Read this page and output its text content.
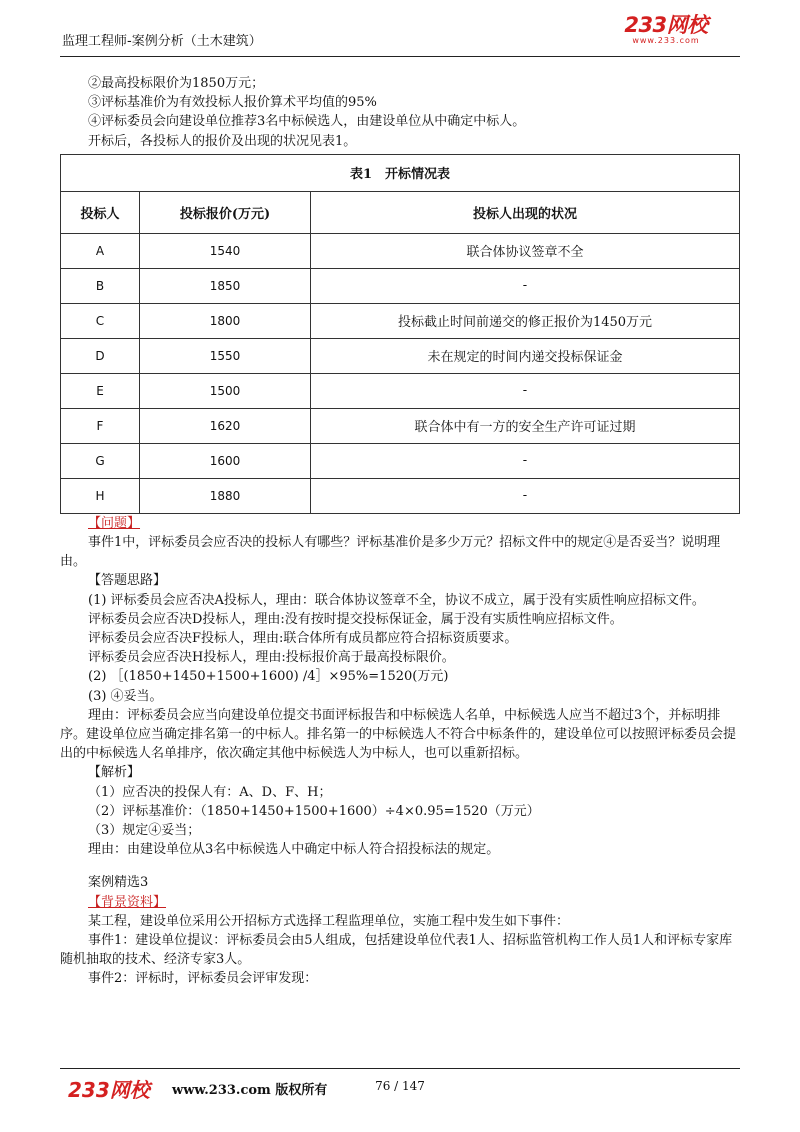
监理工程师-案例分析（土木建筑）
233网校
www.233.com

②最高投标限价为1850万元；

③评标基准价为有效投标人报价算术平均值的95%

④评标委员会向建设单位推荐3名中标候选人，由建设单位从中确定中标人。

开标后，各投标人的报价及出现的状况见表1。

表1　开标情况表		
投标人	投标报价(万元)	投标人出现的状况
A	1540	联合体协议签章不全
B	1850	-
C	1800	投标截止时间前递交的修正报价为1450万元
D	1550	未在规定的时间内递交投标保证金
E	1500	-
F	1620	联合体中有一方的安全生产许可证过期
G	1600	-
H	1880	-

【问题】

事件1中，评标委员会应否决的投标人有哪些？评标基准价是多少万元？招标文件中的规定④是否妥当？说明理由。

【答题思路】

(1) 评标委员会应否决A投标人，理由：联合体协议签章不全，协议不成立，属于没有实质性响应招标文件。

评标委员会应否决D投标人，理由:没有按时提交投标保证金，属于没有实质性响应招标文件。

评标委员会应否决F投标人，理由:联合体所有成员都应符合招标资质要求。

评标委员会应否决H投标人，理由:投标报价高于最高投标限价。

(2) ［(1850+1450+1500+1600) /4］×95%=1520(万元)

(3) ④妥当。

理由：评标委员会应当向建设单位提交书面评标报告和中标候选人名单，中标候选人应当不超过3个，并标明排序。建设单位应当确定排名第一的中标人。排名第一的中标候选人不符合中标条件的，建设单位可以按照评标委员会提出的中标候选人名单排序，依次确定其他中标候选人为中标人，也可以重新招标。

【解析】

（1）应否决的投保人有：A、D、F、H；

（2）评标基准价：（1850+1450+1500+1600）÷4×0.95=1520（万元）

（3）规定④妥当；

理由：由建设单位从3名中标候选人中确定中标人符合招投标法的规定。

案例精选3

【背景资料】

某工程，建设单位采用公开招标方式选择工程监理单位，实施工程中发生如下事件：

事件1：建设单位提议：评标委员会由5人组成，包括建设单位代表1人、招标监管机构工作人员1人和评标专家库随机抽取的技术、经济专家3人。

事件2：评标时，评标委员会评审发现：

233网校 www.233.com 版权所有	76 / 147
